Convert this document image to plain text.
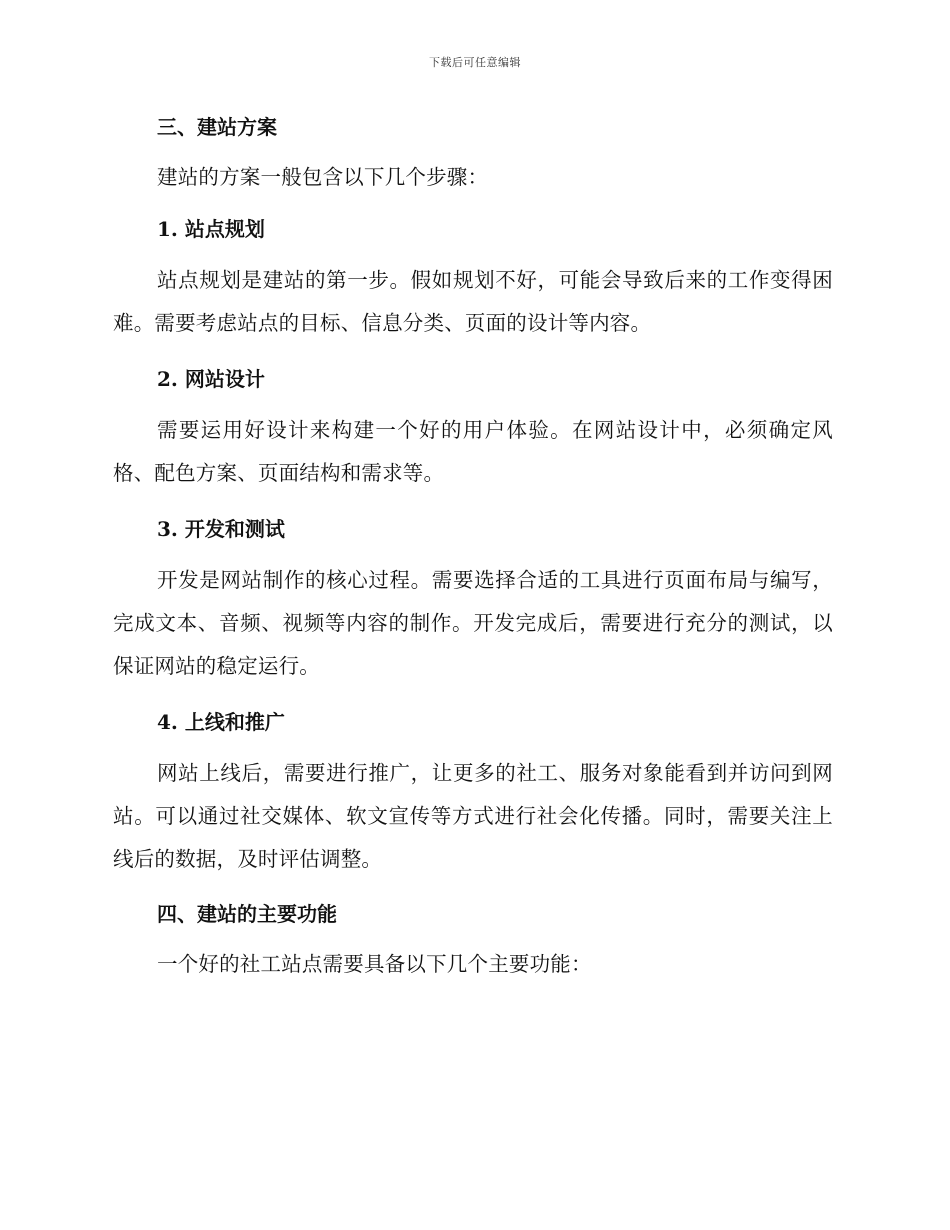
下载后可任意编辑
三、建站方案

建站的方案一般包含以下几个步骤：

1. 站点规划

站点规划是建站的第一步。假如规划不好，可能会导致后来的工作变得困难。需要考虑站点的目标、信息分类、页面的设计等内容。

2. 网站设计

需要运用好设计来构建一个好的用户体验。在网站设计中，必须确定风格、配色方案、页面结构和需求等。

3. 开发和测试

开发是网站制作的核心过程。需要选择合适的工具进行页面布局与编写，完成文本、音频、视频等内容的制作。开发完成后，需要进行充分的测试，以保证网站的稳定运行。

4. 上线和推广

网站上线后，需要进行推广，让更多的社工、服务对象能看到并访问到网站。可以通过社交媒体、软文宣传等方式进行社会化传播。同时，需要关注上线后的数据，及时评估调整。

四、建站的主要功能

一个好的社工站点需要具备以下几个主要功能：
